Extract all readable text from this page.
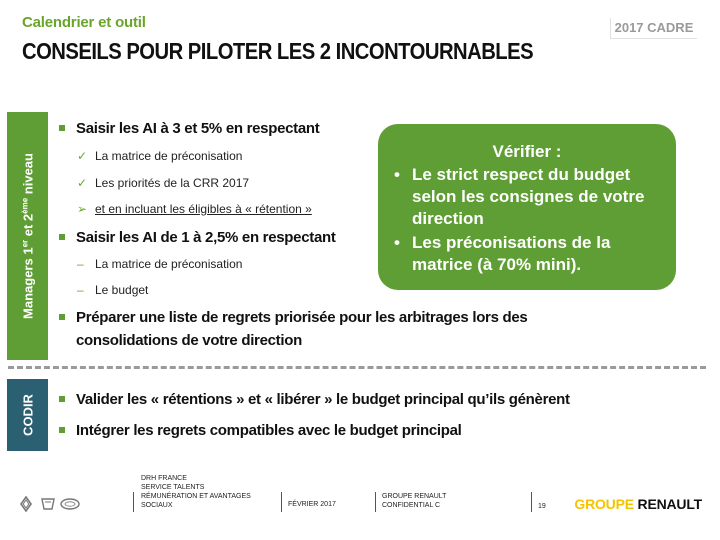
Calendrier et outil	2017 CADRE
CONSEILS POUR PILOTER LES 2 INCONTOURNABLES
Managers 1er et 2ème niveau
CODIR
Saisir les AI à 3 et 5% en respectant
✓ La matrice de préconisation
✓ Les priorités de la CRR 2017
➢ et en incluant les éligibles à « rétention »
Saisir les AI de 1 à 2,5% en respectant
– La matrice de préconisation
– Le budget
Préparer une liste de regrets priorisée pour les arbitrages lors des
consolidations de votre direction
Vérifier :
• Le strict respect du budget selon les consignes de votre direction
• Les préconisations de la matrice (à 70% mini).
Valider les « rétentions » et « libérer » le budget principal qu’ils génèrent
Intégrer les regrets compatibles avec le budget principal
DRH FRANCE
SERVICE TALENTS
RÉMUNÉRATION ET AVANTAGES
SOCIAUX	FÉVRIER 2017
GROUPE RENAULT
CONFIDENTIAL C	19 GROUPE RENAULT
